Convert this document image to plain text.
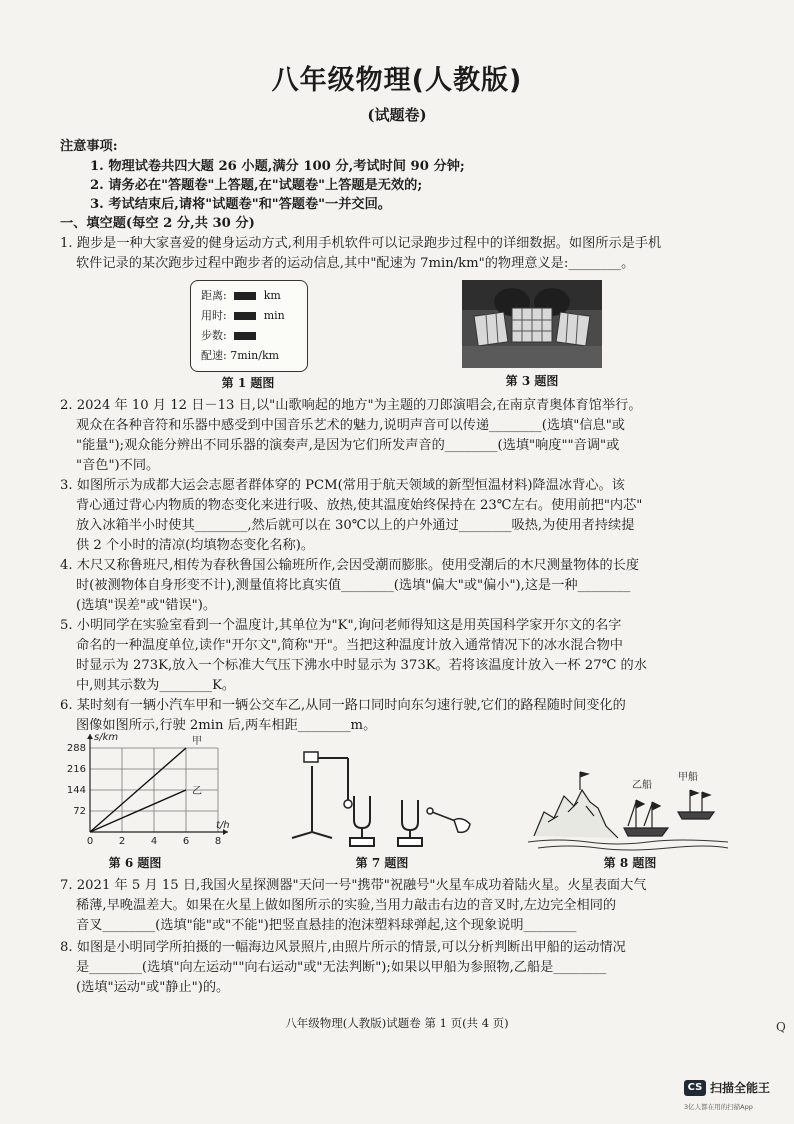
八年级物理(人教版)
(试题卷)
注意事项:
1. 物理试卷共四大题 26 小题,满分 100 分,考试时间 90 分钟;
2. 请务必在"答题卷"上答题,在"试题卷"上答题是无效的;
3. 考试结束后,请将"试题卷"和"答题卷"一并交回。
一、填空题(每空 2 分,共 30 分)
1. 跑步是一种大家喜爱的健身运动方式,利用手机软件可以记录跑步过程中的详细数据。如图所示是手机
软件记录的某次跑步过程中跑步者的运动信息,其中"配速为 7min/km"的物理意义是:________。
距离:	km
用时:	min
步数:
配速: 7min/km
第 1 题图	第 3 题图
2. 2024 年 10 月 12 日－13 日,以"山歌响起的地方"为主题的刀郎演唱会,在南京青奥体育馆举行。
观众在各种音符和乐器中感受到中国音乐艺术的魅力,说明声音可以传递________(选填"信息"或
"能量");观众能分辨出不同乐器的演奏声,是因为它们所发声音的________(选填"响度""音调"或
"音色")不同。
3. 如图所示为成都大运会志愿者群体穿的 PCM(常用于航天领域的新型恒温材料)降温冰背心。该
背心通过背心内物质的物态变化来进行吸、放热,使其温度始终保持在 23℃左右。使用前把"内芯"
放入冰箱半小时使其________,然后就可以在 30℃以上的户外通过________吸热,为使用者持续提
供 2 个小时的清凉(均填物态变化名称)。
4. 木尺又称鲁班尺,相传为春秋鲁国公输班所作,会因受潮而膨胀。使用受潮后的木尺测量物体的长度
时(被测物体自身形变不计),测量值将比真实值________(选填"偏大"或"偏小"),这是一种________
(选填"误差"或"错误")。
5. 小明同学在实验室看到一个温度计,其单位为"K",询问老师得知这是用英国科学家开尔文的名字
命名的一种温度单位,读作"开尔文",简称"开"。当把这种温度计放入通常情况下的冰水混合物中
时显示为 273K,放入一个标准大气压下沸水中时显示为 373K。若将该温度计放入一杯 27℃ 的水
中,则其示数为________K。
6. 某时刻有一辆小汽车甲和一辆公交车乙,从同一路口同时向东匀速行驶,它们的路程随时间变化的
图像如图所示,行驶 2min 后,两车相距________m。
0	2	4	6	8
72
144
216
288
t/h
s/km	甲
乙
第 6 题图	第 7 题图
乙船
甲船
第 8 题图
7. 2021 年 5 月 15 日,我国火星探测器"天问一号"携带"祝融号"火星车成功着陆火星。火星表面大气
稀薄,早晚温差大。如果在火星上做如图所示的实验,当用力敲击右边的音叉时,左边完全相同的
音叉________(选填"能"或"不能")把竖直悬挂的泡沫塑料球弹起,这个现象说明________
8. 如图是小明同学所拍摄的一幅海边风景照片,由照片所示的情景,可以分析判断出甲船的运动情况
是________(选填"向左运动""向右运动"或"无法判断");如果以甲船为参照物,乙船是________
(选填"运动"或"静止")的。
八年级物理(人教版)试题卷 第 1 页(共 4 页)	Q
CS 扫描全能王
3亿人都在用的扫描App
